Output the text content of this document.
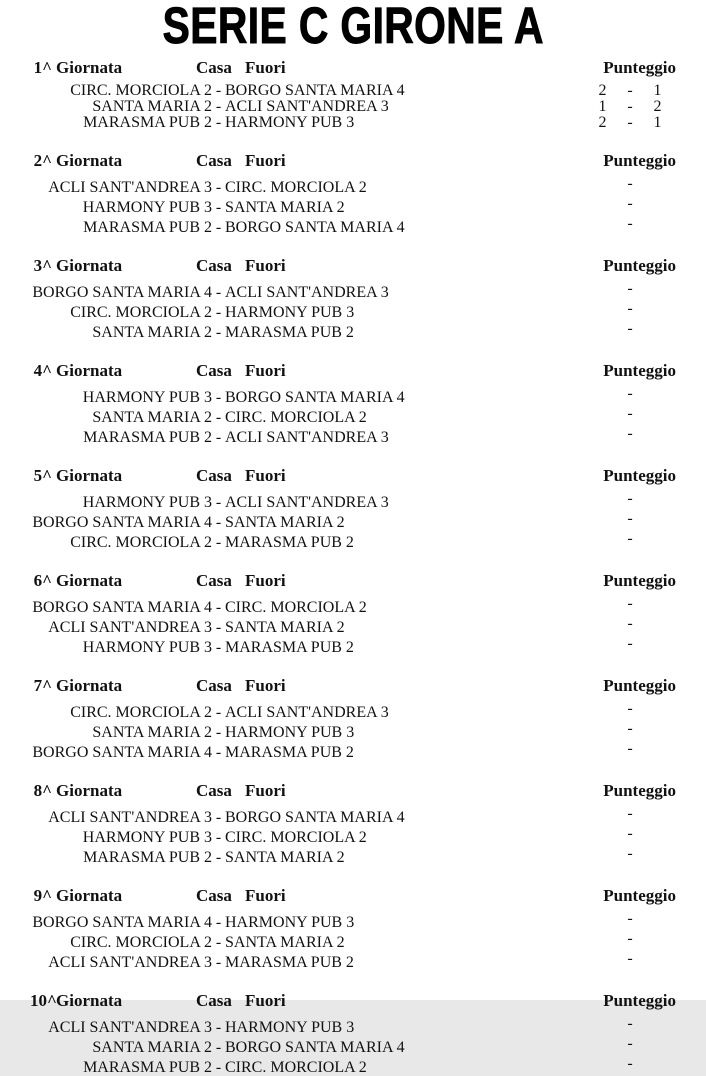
SERIE C GIRONE A
1^ Giornata	Casa Fuori	Punteggio
CIRC. MORCIOLA 2 - BORGO SANTA MARIA 4	2 - 1
SANTA MARIA 2 - ACLI SANT'ANDREA 3	1 - 2
MARASMA PUB 2 - HARMONY PUB 3	2 - 1
2^ Giornata	Casa Fuori	Punteggio
ACLI SANT'ANDREA 3 - CIRC. MORCIOLA 2	-
HARMONY PUB 3 - SANTA MARIA 2	-
MARASMA PUB 2 - BORGO SANTA MARIA 4	-
3^ Giornata	Casa Fuori	Punteggio
BORGO SANTA MARIA 4 - ACLI SANT'ANDREA 3	-
CIRC. MORCIOLA 2 - HARMONY PUB 3	-
SANTA MARIA 2 - MARASMA PUB 2	-
4^ Giornata	Casa Fuori	Punteggio
HARMONY PUB 3 - BORGO SANTA MARIA 4	-
SANTA MARIA 2 - CIRC. MORCIOLA 2	-
MARASMA PUB 2 - ACLI SANT'ANDREA 3	-
5^ Giornata	Casa Fuori	Punteggio
HARMONY PUB 3 - ACLI SANT'ANDREA 3	-
BORGO SANTA MARIA 4 - SANTA MARIA 2	-
CIRC. MORCIOLA 2 - MARASMA PUB 2	-
6^ Giornata	Casa Fuori	Punteggio
BORGO SANTA MARIA 4 - CIRC. MORCIOLA 2	-
ACLI SANT'ANDREA 3 - SANTA MARIA 2	-
HARMONY PUB 3 - MARASMA PUB 2	-
7^ Giornata	Casa Fuori	Punteggio
CIRC. MORCIOLA 2 - ACLI SANT'ANDREA 3	-
SANTA MARIA 2 - HARMONY PUB 3	-
BORGO SANTA MARIA 4 - MARASMA PUB 2	-
8^ Giornata	Casa Fuori	Punteggio
ACLI SANT'ANDREA 3 - BORGO SANTA MARIA 4	-
HARMONY PUB 3 - CIRC. MORCIOLA 2	-
MARASMA PUB 2 - SANTA MARIA 2	-
9^ Giornata	Casa Fuori	Punteggio
BORGO SANTA MARIA 4 - HARMONY PUB 3	-
CIRC. MORCIOLA 2 - SANTA MARIA 2	-
ACLI SANT'ANDREA 3 - MARASMA PUB 2	-
10^Giornata	Casa Fuori	Punteggio
ACLI SANT'ANDREA 3 - HARMONY PUB 3	-
SANTA MARIA 2 - BORGO SANTA MARIA 4	-
MARASMA PUB 2 - CIRC. MORCIOLA 2	-
